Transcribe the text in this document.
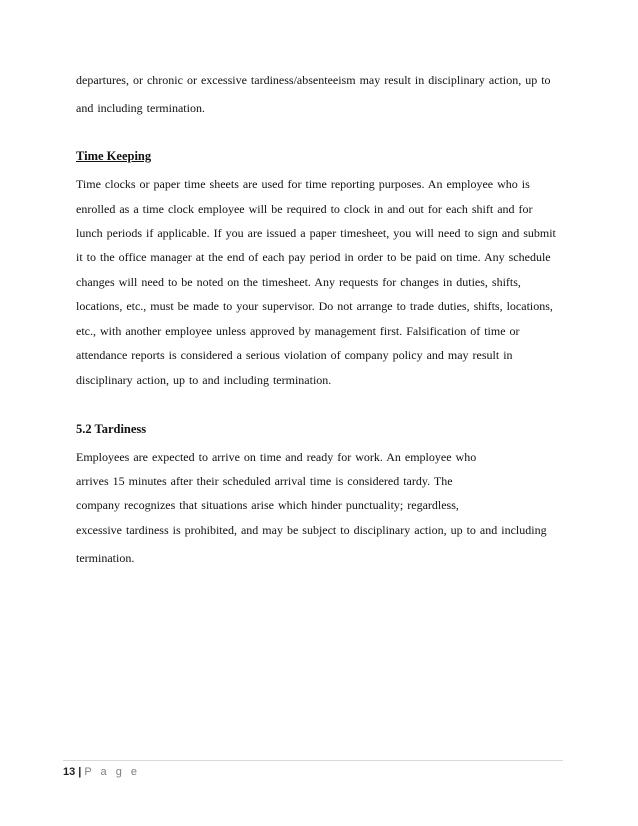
departures, or chronic or excessive tardiness/absenteeism may result in disciplinary action, up to
and including termination.
Time Keeping
Time clocks or paper time sheets are used for time reporting purposes. An employee who is
enrolled as a time clock employee will be required to clock in and out for each shift and for
lunch periods if applicable. If you are issued a paper timesheet, you will need to sign and submit
it to the office manager at the end of each pay period in order to be paid on time. Any schedule
changes will need to be noted on the timesheet. Any requests for changes in duties, shifts,
locations, etc., must be made to your supervisor. Do not arrange to trade duties, shifts, locations,
etc., with another employee unless approved by management first. Falsification of time or
attendance reports is considered a serious violation of company policy and may result in
disciplinary action, up to and including termination.
5.2 Tardiness
Employees are expected to arrive on time and ready for work. An employee who
arrives 15 minutes after their scheduled arrival time is considered tardy. The
company recognizes that situations arise which hinder punctuality; regardless,
excessive tardiness is prohibited, and may be subject to disciplinary action, up to and including
termination.
13 | P a g e
